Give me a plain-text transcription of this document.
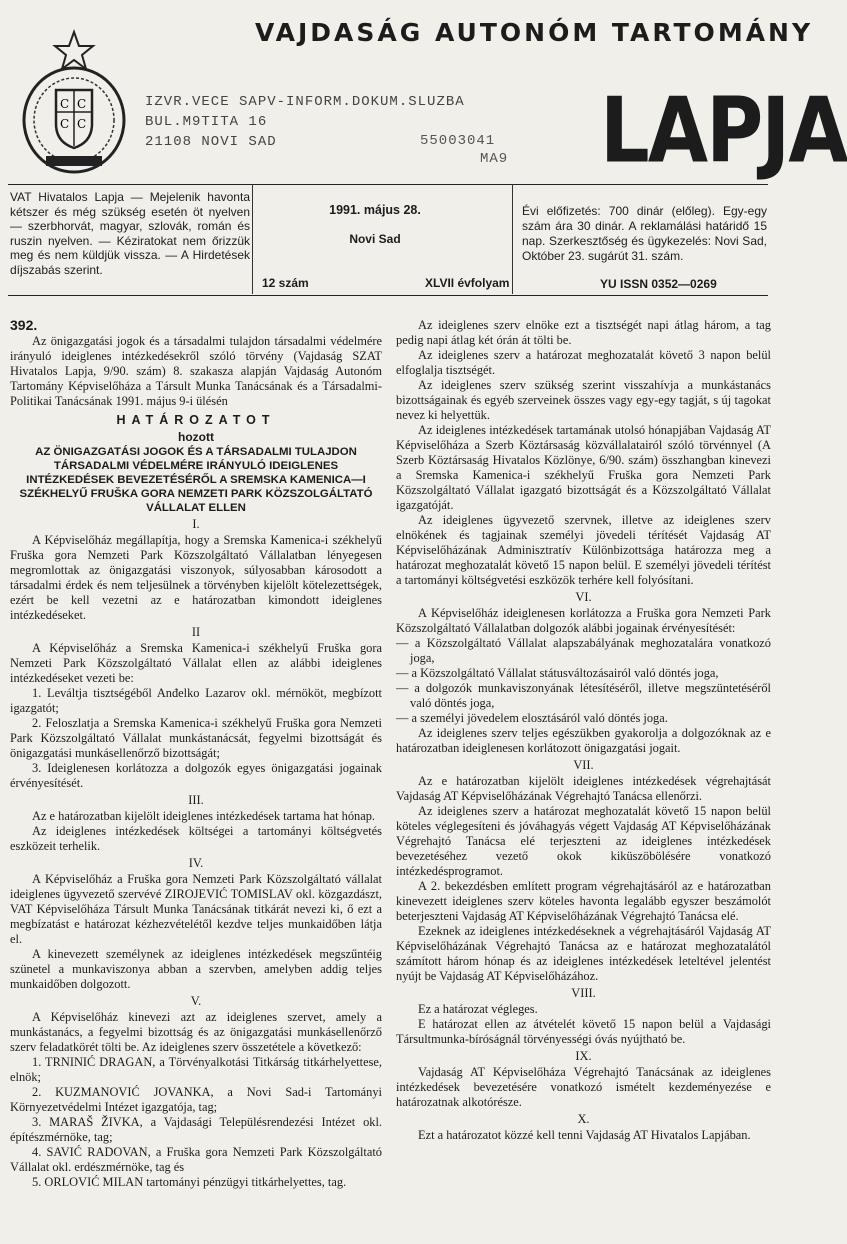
C C
C C
VAJDASÁG AUTONÓM TARTOMÁNY
IZVR.VECE SAPV-INFORM.DOKUM.SLUZBA
BUL.M9TITA 16
21108 NOVI SAD	55003041
MA9 LAPJA
VAT Hivatalos Lapja — Mejelenik havonta kétszer és még szükség esetén öt nyelven — szerbhorvát, magyar, szlovák, román és ruszin nyelven. — Kéziratokat nem őrizzük meg és nem küldjük vissza. — A Hirdetések díjszabás szerint.
1991. május 28.
Novi Sad
12 szám	XLVII évfolyam
Évi előfizetés: 700 dinár (előleg). Egy-egy szám ára 30 dinár. A reklamálási határidő 15 nap. Szerkesztőség és ügykezelés: Novi Sad, Október 23. sugárút 31. szám.
YU ISSN 0352—0269

392.

Az önigazgatási jogok és a társadalmi tulajdon társadalmi védelmére irányuló ideiglenes intézkedésekről szóló törvény (Vajdaság SZAT Hivatalos Lapja, 9/90. szám) 8. szakasza alapján Vajdaság Autonóm Tartomány Képviselőháza a Társult Munka Tanácsának és a Társadalmi-Politikai Tanácsának 1991. május 9-i ülésén

HATÁROZATOT

hozott

AZ ÖNIGAZGATÁSI JOGOK ÉS A TÁRSADALMI TULAJDON TÁRSADALMI VÉDELMÉRE IRÁNYULÓ IDEIGLENES INTÉZKEDÉSEK BEVEZETÉSÉRŐL A SREMSKA KAMENICA—I SZÉKHELYŰ FRUŠKA GORA NEMZETI PARK KÖZSZOLGÁLTATÓ VÁLLALAT ELLEN

I.

A Képviselőház megállapítja, hogy a Sremska Kamenica-i székhelyű Fruška gora Nemzeti Park Közszolgáltató Vállalatban lényegesen megromlottak az önigazgatási viszonyok, súlyosabban károsodott a társadalmi érdek és nem teljesülnek a törvényben kijelölt kötelezettségek, ezért be kell vezetni az e határozatban kimondott ideiglenes intézkedéseket.

II

A Képviselőház a Sremska Kamenica-i székhelyű Fruška gora Nemzeti Park Közszolgáltató Vállalat ellen az alábbi ideiglenes intézkedéseket vezeti be:

1. Leváltja tisztségéből Anđelko Lazarov okl. mérnököt, megbízott igazgatót;

2. Feloszlatja a Sremska Kamenica-i székhelyű Fruška gora Nemzeti Park Közszolgáltató Vállalat munkástanácsát, fegyelmi bizottságát és önigazgatási munkásellenőrző bizottságát;

3. Ideiglenesen korlátozza a dolgozók egyes önigazgatási jogainak érvényesítését.

III.

Az e határozatban kijelölt ideiglenes intézkedések tartama hat hónap.

Az ideiglenes intézkedések költségei a tartományi költségvetés eszközeit terhelik.

IV.

A Képviselőház a Fruška gora Nemzeti Park Közszolgáltató vállalat ideiglenes ügyvezető szervévé ZIROJEVIĆ TOMISLAV okl. közgazdászt, VAT Képviselőháza Társult Munka Tanácsának titkárát nevezi ki, ő ezt a megbízatást e határozat kézhezvételétől kezdve teljes munkaidőben látja el.

A kinevezett személynek az ideiglenes intézkedések megszűntéig szünetel a munkaviszonya abban a szervben, amelyben addig teljes munkaidőben dolgozott.

V.

A Képviselőház kinevezi azt az ideiglenes szervet, amely a munkástanács, a fegyelmi bizottság és az önigazgatási munkásellenőrző szerv feladatkörét tölti be. Az ideiglenes szerv összetétele a következő:

1. TRNINIĆ DRAGAN, a Törvényalkotási Titkárság titkárhelyettese, elnök;

2. KUZMANOVIĆ JOVANKA, a Novi Sad-i Tartományi Környezetvédelmi Intézet igazgatója, tag;

3. MARAŠ ŽIVKA, a Vajdasági Településrendezési Intézet okl. építészmérnöke, tag;

4. SAVIĆ RADOVAN, a Fruška gora Nemzeti Park Közszolgáltató Vállalat okl. erdészmérnöke, tag és

5. ORLOVIĆ MILAN tartományi pénzügyi titkárhelyettes, tag.

Az ideiglenes szerv elnöke ezt a tisztségét napi átlag három, a tag pedig napi átlag két órán át tölti be.

Az ideiglenes szerv a határozat meghozatalát követő 3 napon belül elfoglalja tisztségét.

Az ideiglenes szerv szükség szerint visszahívja a munkástanács bizottságainak és egyéb szerveinek összes vagy egy-egy tagját, s új tagokat nevez ki helyettük.

Az ideiglenes intézkedések tartamának utolsó hónapjában Vajdaság AT Képviselőháza a Szerb Köztársaság közvállalatairól szóló törvénnyel (A Szerb Köztársaság Hivatalos Közlönye, 6/90. szám) összhangban kinevezi a Sremska Kamenica-i székhelyű Fruška gora Nemzeti Park Közszolgáltató Vállalat igazgató bizottságát és a Közszolgáltató Vállalat igazgatóját.

Az ideiglenes ügyvezető szervnek, illetve az ideiglenes szerv elnökének és tagjainak személyi jövedeli térítését Vajdaság AT Képviselőházának Adminisztratív Különbizottsága határozza meg a határozat meghozatalát követő 15 napon belül. E személyi jövedeli térítést a tartományi költségvetési eszközök terhére kell folyósítani.

VI.

A Képviselőház ideiglenesen korlátozza a Fruška gora Nemzeti Park Közszolgáltató Vállalatban dolgozók alábbi jogainak érvényesítését:

— a Közszolgáltató Vállalat alapszabályának meghozatalára vonatkozó joga,

— a Közszolgáltató Vállalat státusváltozásairól való döntés joga,

— a dolgozók munkaviszonyának létesítéséről, illetve megszüntetéséről való döntés joga,

— a személyi jövedelem elosztásáról való döntés joga.

Az ideiglenes szerv teljes egészükben gyakorolja a dolgozóknak az e határozatban ideiglenesen korlátozott önigazgatási jogait.

VII.

Az e határozatban kijelölt ideiglenes intézkedések végrehajtását Vajdaság AT Képviselőházának Végrehajtó Tanácsa ellenőrzi.

Az ideiglenes szerv a határozat meghozatalát követő 15 napon belül köteles véglegesíteni és jóváhagyás végett Vajdaság AT Képviselőházának Végrehajtó Tanácsa elé terjeszteni az ideiglenes intézkedések bevezetéséhez vezető okok kiküszöbölésére vonatkozó intézkedésprogramot.

A 2. bekezdésben említett program végrehajtásáról az e határozatban kinevezett ideiglenes szerv köteles havonta legalább egyszer beszámolót beterjeszteni Vajdaság AT Képviselőházának Végrehajtó Tanácsa elé.

Ezeknek az ideiglenes intézkedéseknek a végrehajtásáról Vajdaság AT Képviselőházának Végrehajtó Tanácsa az e határozat meghozatalától számított három hónap és az ideiglenes intézkedések leteltével jelentést nyújt be Vajdaság AT Képviselőházához.

VIII.

Ez a határozat végleges.

E határozat ellen az átvételét követő 15 napon belül a Vajdasági Társultmunka-bíróságnál törvényességi óvás nyújtható be.

IX.

Vajdaság AT Képviselőháza Végrehajtó Tanácsának az ideiglenes intézkedések bevezetésére vonatkozó ismételt kezdeményezése e határozatnak alkotórésze.

X.

Ezt a határozatot közzé kell tenni Vajdaság AT Hivatalos Lapjában.
